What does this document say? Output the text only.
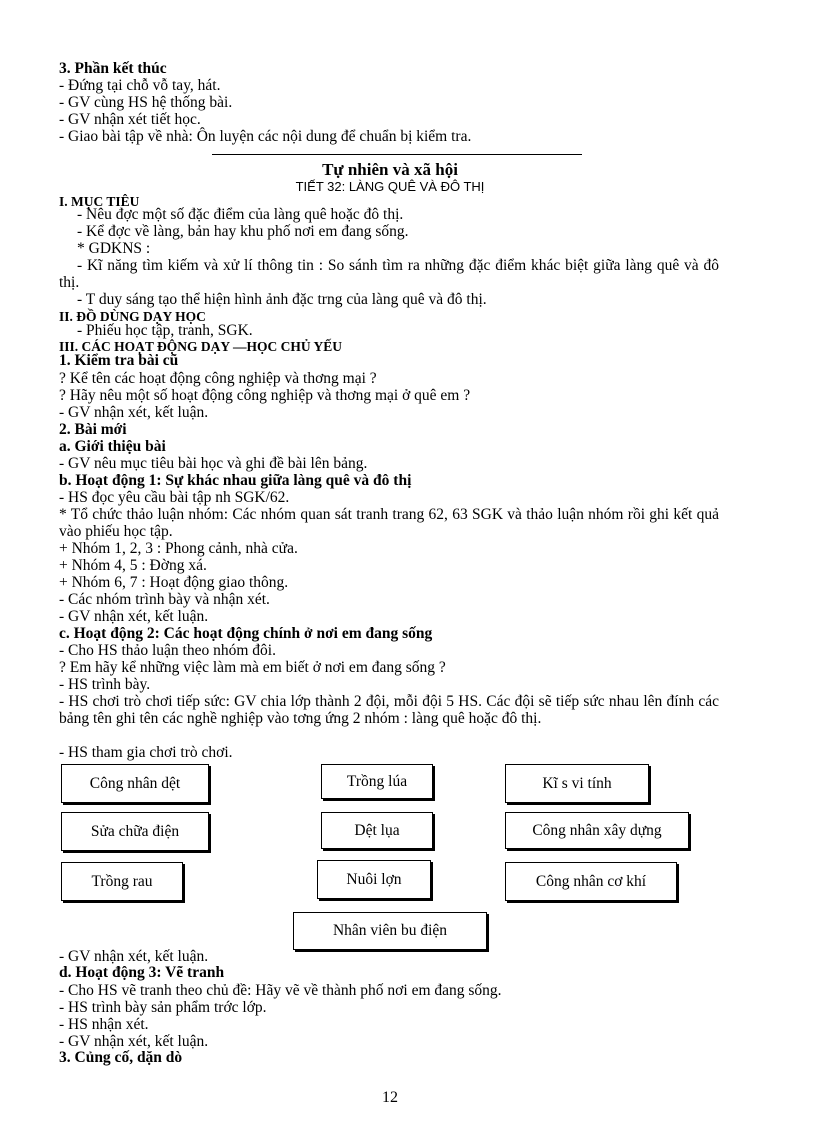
3. Phần kết thúc
- Đứng tại chỗ vỗ tay, hát.
- GV cùng HS hệ thống bài.
- GV nhận xét tiết học.
- Giao bài tập về nhà: Ôn luyện các nội dung để chuẩn bị kiểm tra.
Tự nhiên và xã hội
TIẾT 32: LÀNG QUÊ VÀ ĐÔ THỊ
I. MỤC TIÊU
- Nêu đợc một số đặc điểm của làng quê hoặc đô thị.
- Kể đợc về làng, bản hay khu phố nơi em đang sống.
* GDKNS :
- Kĩ năng tìm kiếm và xử lí thông tin : So sánh tìm ra những đặc điểm khác biệt giữa làng quê và đô thị.
- T duy sáng tạo thể hiện hình ảnh đặc trng của làng quê và đô thị.
II. ĐỒ DÙNG DẠY HỌC
- Phiếu học tập, tranh, SGK.
III. CÁC HOẠT ĐỘNG DẠY —HỌC CHỦ YẾU
1. Kiểm tra bài cũ
? Kể tên các hoạt động công nghiệp và thơng mại ?
? Hãy nêu một số hoạt động công nghiệp và thơng mại ở quê em ?
- GV nhận xét, kết luận.
2. Bài mới
a. Giới thiệu bài
- GV nêu mục tiêu bài học và ghi đề bài lên bảng.
b. Hoạt động 1: Sự khác nhau giữa làng quê và đô thị
- HS đọc yêu cầu bài tập nh SGK/62.
* Tổ chức thảo luận nhóm: Các nhóm quan sát tranh trang 62, 63 SGK và thảo luận nhóm rồi ghi kết quả vào phiếu học tập.
+ Nhóm 1, 2, 3 : Phong cảnh, nhà cửa.
+ Nhóm 4, 5 : Đờng xá.
+ Nhóm 6, 7 : Hoạt động giao thông.
- Các nhóm trình bày và nhận xét.
- GV nhận xét, kết luận.
c. Hoạt động 2: Các hoạt động chính ở nơi em đang sống
- Cho HS thảo luận theo nhóm đôi.
? Em hãy kể những việc làm mà em biết ở nơi em đang sống ?
- HS trình bày.
- HS chơi trò chơi tiếp sức: GV chia lớp thành 2 đội, mỗi đội 5 HS. Các đội sẽ tiếp sức nhau lên đính các bảng tên ghi tên các nghề nghiệp vào tơng ứng 2 nhóm : làng quê hoặc đô thị.
- HS tham gia chơi trò chơi.
Công nhân dệt	Trồng lúa	Kĩ s vi tính
Sửa chữa điện	Dệt lụa	Công nhân xây dựng
Trồng rau	Nuôi lợn	Công nhân cơ khí
Nhân viên bu điện
- GV nhận xét, kết luận.
d. Hoạt động 3: Vẽ tranh
- Cho HS vẽ tranh theo chủ đề: Hãy vẽ về thành phố nơi em đang sống.
- HS trình bày sản phẩm trớc lớp.
- HS nhận xét.
- GV nhận xét, kết luận.
3. Củng cố, dặn dò
12
